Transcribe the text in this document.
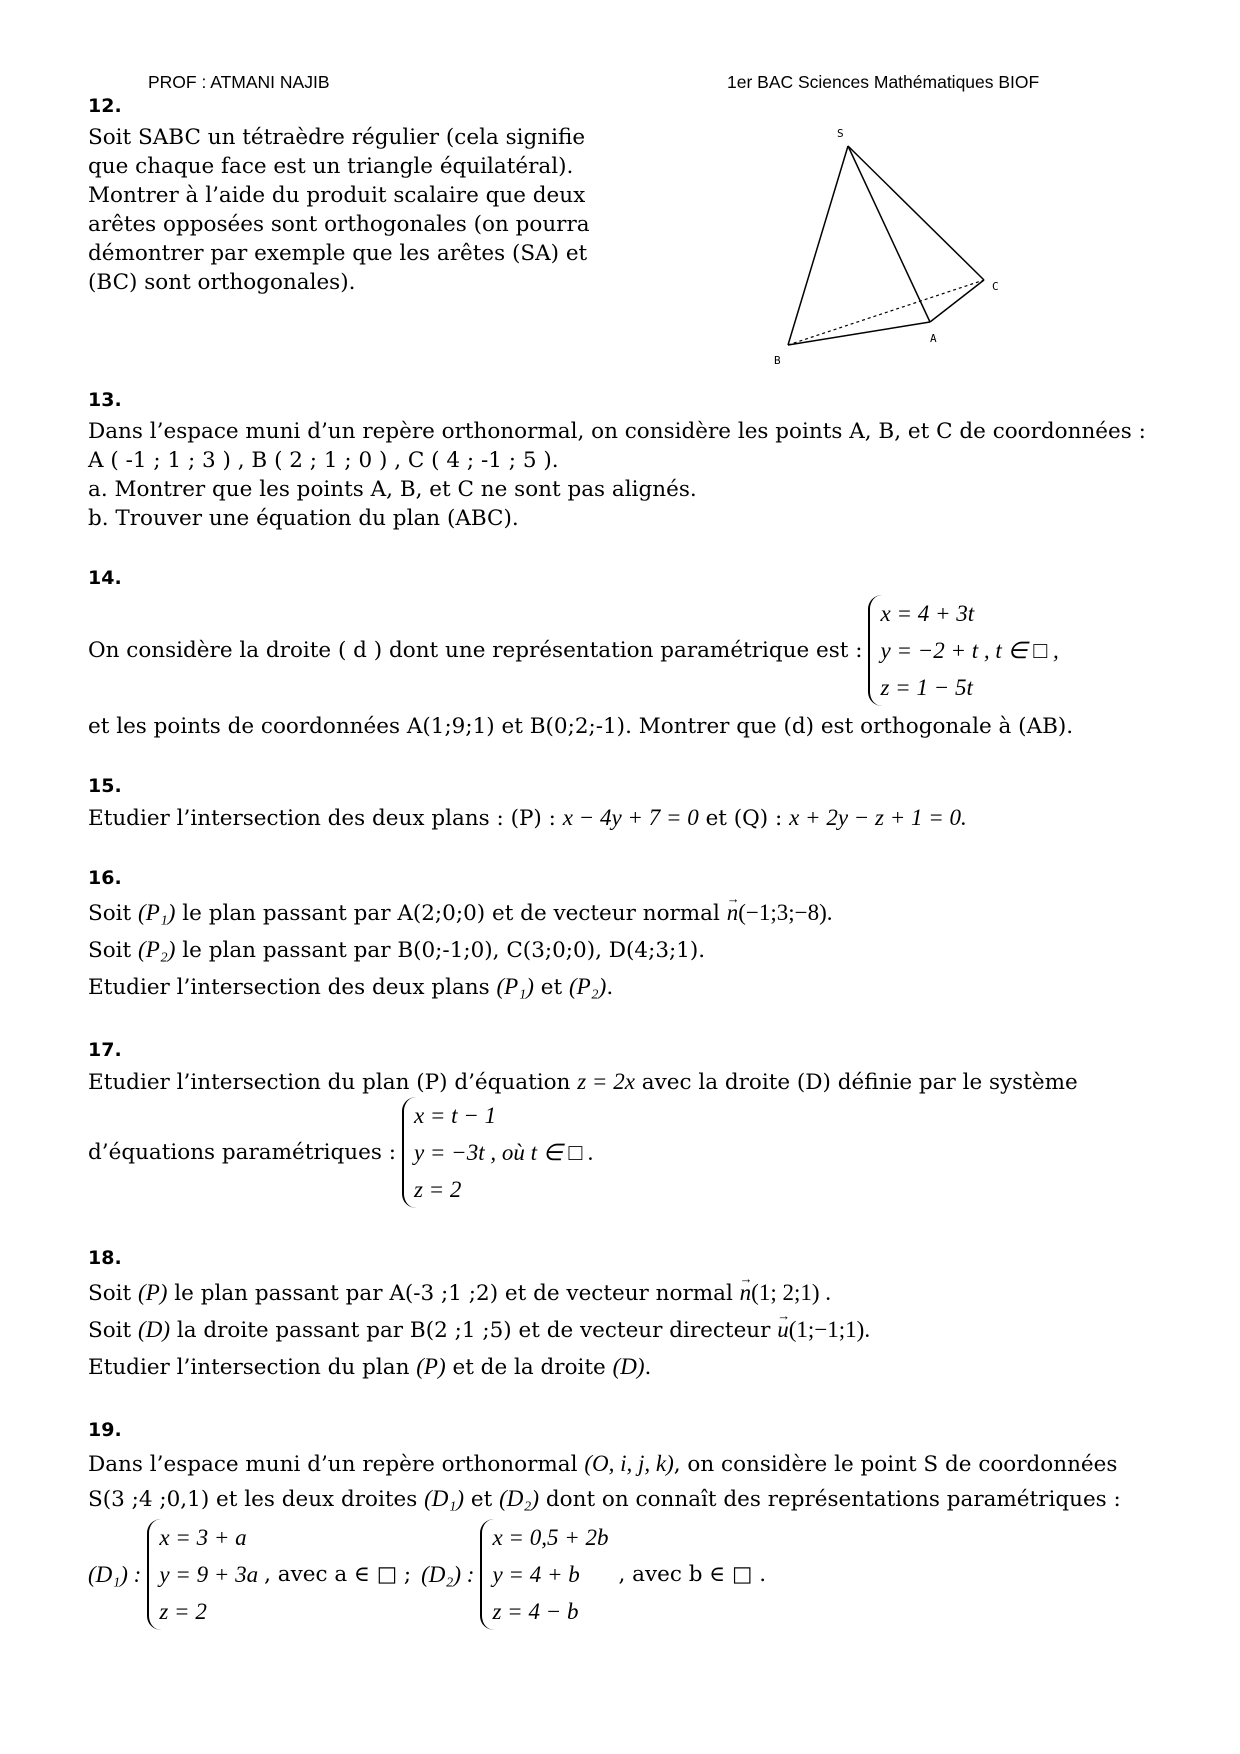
PROF : ATMANI NAJIB	1er BAC Sciences Mathématiques BIOF
12.
Soit SABC un tétraèdre régulier (cela signifie
que chaque face est un triangle équilatéral).
Montrer à l’aide du produit scalaire que deux
arêtes opposées sont orthogonales (on pourra
démontrer par exemple que les arêtes (SA) et
(BC) sont orthogonales).
S
C
A
B
13.
Dans l’espace muni d’un repère orthonormal, on considère les points A, B, et C de coordonnées :
A ( -1 ; 1 ; 3 ) , B ( 2 ; 1 ; 0 ) , C ( 4 ; -1 ; 5 ).
a. Montrer que les points A, B, et C ne sont pas alignés.
b. Trouver une équation du plan (ABC).
14.
On considère la droite ( d ) dont une représentation paramétrique est :
x = 4 + 3t
y = −2 + t , t ∈ □ ,
z = 1 − 5t
et les points de coordonnées A(1;9;1) et B(0;2;-1). Montrer que (d) est orthogonale à (AB).
15.
Etudier l’intersection des deux plans : (P) : x − 4y + 7 = 0 et (Q) : x + 2y − z + 1 = 0.
16.
Soit (P₁) le plan passant par A(2;0;0) et de vecteur normal → n(−1;3;−8).
Soit (P₂) le plan passant par B(0;-1;0), C(3;0;0), D(4;3;1).
Etudier l’intersection des deux plans (P₁) et (P₂).
17.
Etudier l’intersection du plan (P) d’équation z = 2x avec la droite (D) définie par le système
d’équations paramétriques :
x = t − 1
y = −3t , où t ∈ □ .
z = 2
18.
Soit (P) le plan passant par A(-3 ;1 ;2) et de vecteur normal → n(1; 2;1) .
Soit (D) la droite passant par B(2 ;1 ;5) et de vecteur directeur → u(1;−1;1).
Etudier l’intersection du plan (P) et de la droite (D).
19.
Dans l’espace muni d’un repère orthonormal (O, i, j, k), on considère le point S de coordonnées
S(3 ;4 ;0,1) et les deux droites (D₁) et (D₂) dont on connaît des représentations paramétriques :
(D₁) :
x = 3 + a
y = 9 + 3a
z = 2
, avec a ∈ □ ; (D₂) :
x = 0,5 + 2b
y = 4 + b
z = 4 − b
, avec b ∈ □ .
